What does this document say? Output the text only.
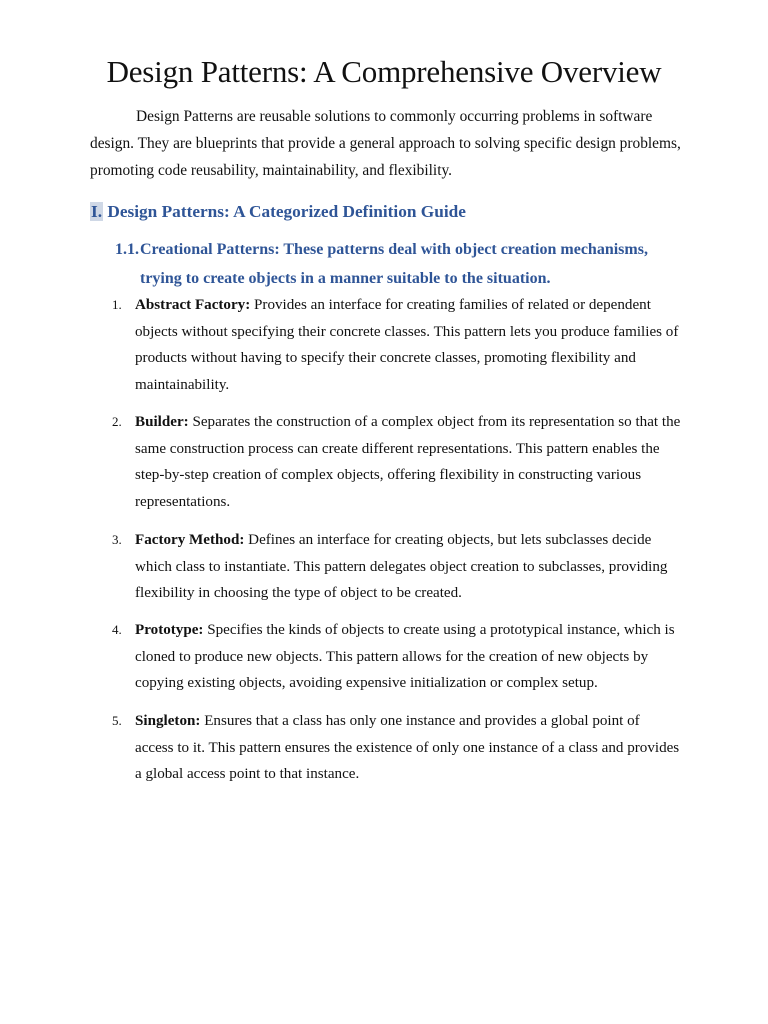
Design Patterns: A Comprehensive Overview

Design Patterns are reusable solutions to commonly occurring problems in software design. They are blueprints that provide a general approach to solving specific design problems, promoting code reusability, maintainability, and flexibility.

I. Design Patterns: A Categorized Definition Guide
1.1.Creational Patterns: These patterns deal with object creation mechanisms,
trying to create objects in a manner suitable to the situation.
1. Abstract Factory: Provides an interface for creating families of related or dependent objects without specifying their concrete classes. This pattern lets you produce families of products without having to specify their concrete classes, promoting flexibility and maintainability.
2. Builder: Separates the construction of a complex object from its representation so that the same construction process can create different representations. This pattern enables the step-by-step creation of complex objects, offering flexibility in constructing various representations.
3. Factory Method: Defines an interface for creating objects, but lets subclasses decide which class to instantiate. This pattern delegates object creation to subclasses, providing flexibility in choosing the type of object to be created.
4. Prototype: Specifies the kinds of objects to create using a prototypical instance, which is cloned to produce new objects. This pattern allows for the creation of new objects by copying existing objects, avoiding expensive initialization or complex setup.
5. Singleton: Ensures that a class has only one instance and provides a global point of access to it. This pattern ensures the existence of only one instance of a class and provides a global access point to that instance.
